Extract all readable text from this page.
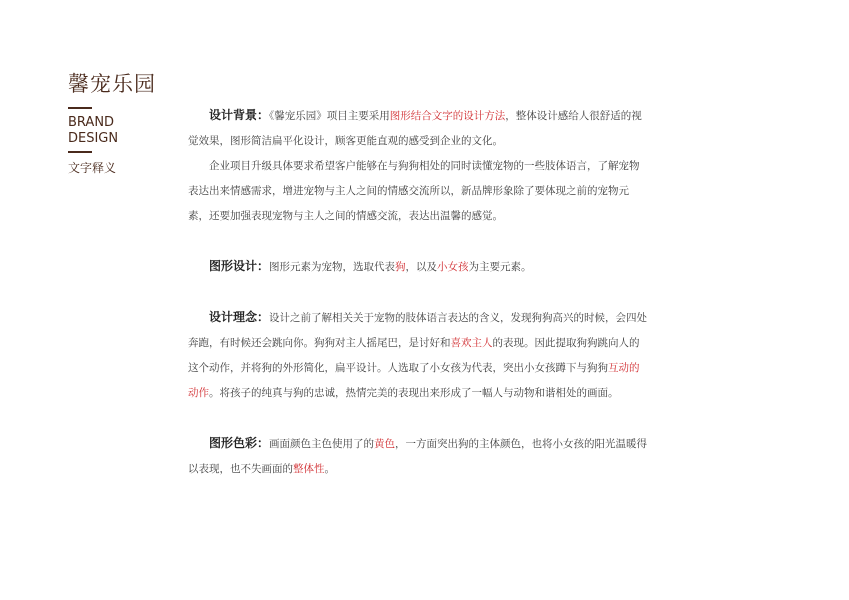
馨宠乐园
BRAND
DESIGN
文字释义

设计背景：《馨宠乐园》项目主要采用图形结合文字的设计方法，整体设计感给人很舒适的视觉效果，图形简洁扁平化设计，顾客更能直观的感受到企业的文化。

企业项目升级具体要求希望客户能够在与狗狗相处的同时读懂宠物的一些肢体语言，了解宠物表达出来情感需求，增进宠物与主人之间的情感交流所以，新品牌形象除了要体现之前的宠物元素，还要加强表现宠物与主人之间的情感交流，表达出温馨的感觉。

图形设计：图形元素为宠物，选取代表狗，以及小女孩为主要元素。

设计理念：设计之前了解相关关于宠物的肢体语言表达的含义，发现狗狗高兴的时候，会四处奔跑，有时候还会跳向你。狗狗对主人摇尾巴，是讨好和喜欢主人的表现。因此提取狗狗跳向人的这个动作，并将狗的外形简化，扁平设计。人选取了小女孩为代表，突出小女孩蹲下与狗狗互动的动作。将孩子的纯真与狗的忠诚，热情完美的表现出来形成了一幅人与动物和谐相处的画面。

图形色彩：画面颜色主色使用了的黄色，一方面突出狗的主体颜色，也将小女孩的阳光温暖得以表现，也不失画面的整体性。
